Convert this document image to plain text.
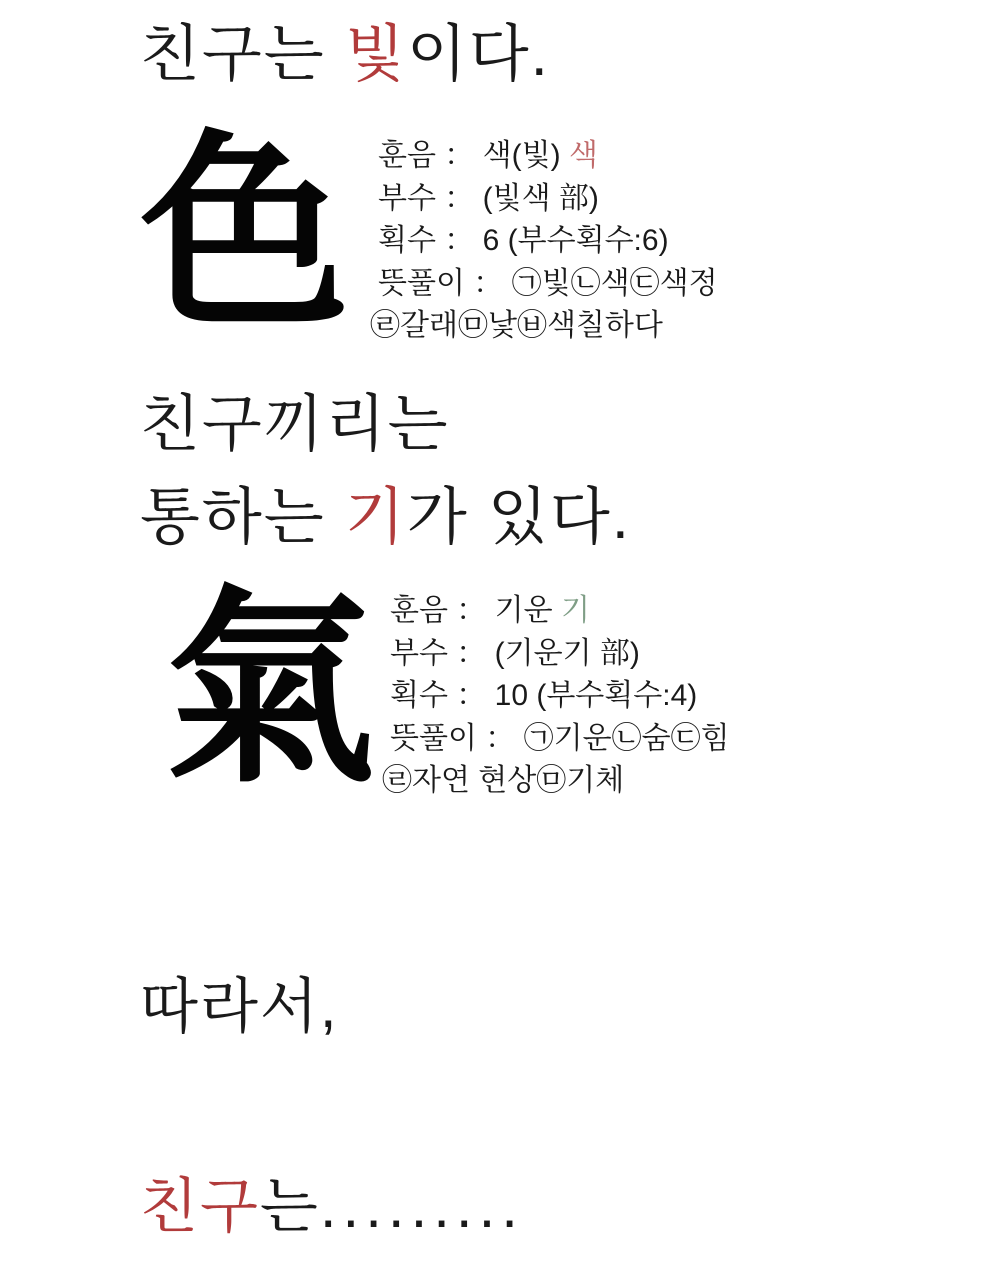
친구는 빛이다.
色 훈음 ： 색(빛) 색
부수 ： (빛색 部)
획수 ： 6 (부수획수:6)
뜻풀이 ： ㉠빛㉡색㉢색정
㉣갈래㉤낯㉥색칠하다
친구끼리는
통하는 기가 있다.
氣 훈음 ： 기운 기
부수 ： (기운기 部)
획수 ： 10 (부수획수:4)
뜻풀이 ： ㉠기운㉡숨㉢힘
㉣자연 현상㉤기체
따라서,
친구는.........
